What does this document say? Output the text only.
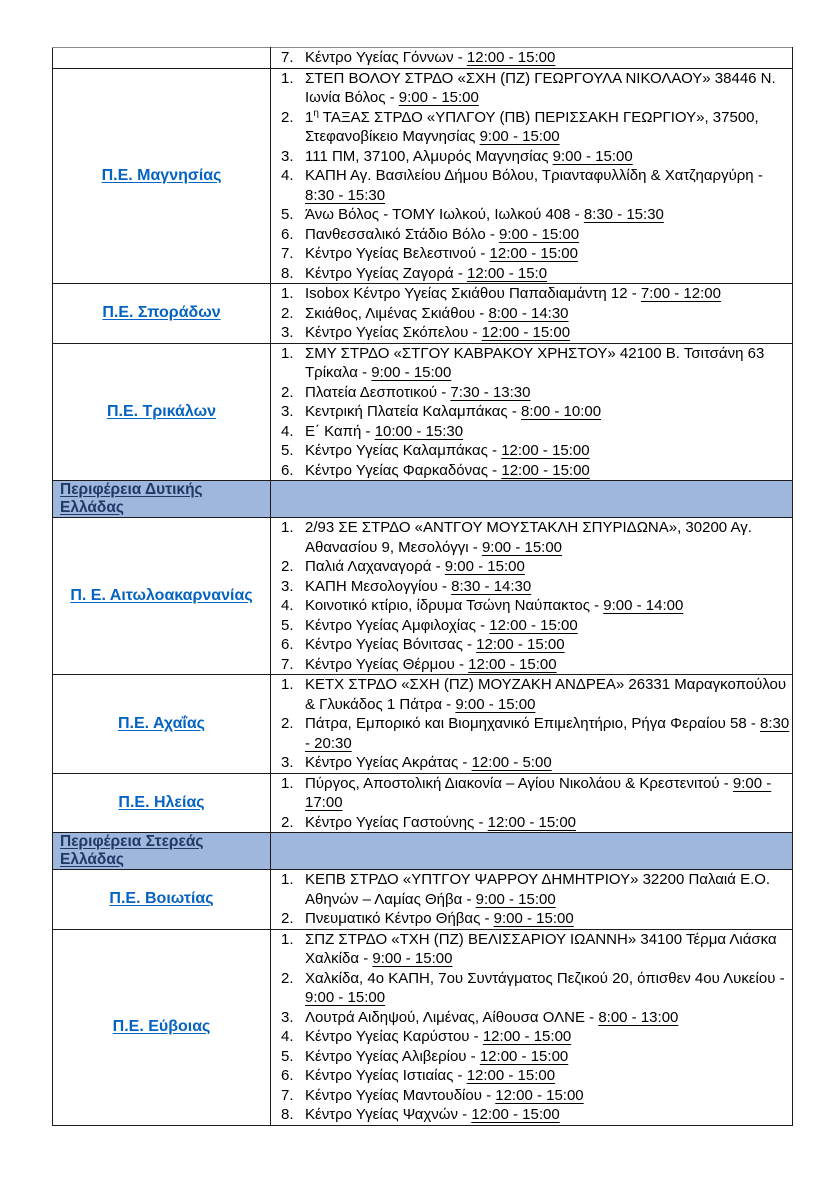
7. Κέντρο Υγείας Γόννων - 12:00 - 15:00

Π.Ε. Μαγνησίας	
1. ΣΤΕΠ ΒΟΛΟΥ ΣΤΡΔΟ «ΣΧΗ (ΠΖ) ΓΕΩΡΓΟΥΛΑ ΝΙΚΟΛΑΟΥ» 38446 Ν. Ιωνία Βόλος - 9:00 - 15:00
2. $1^\eta$ ΤΑΞΑΣ ΣΤΡΔΟ «ΥΠΛΓΟΥ (ΠΒ) ΠΕΡΙΣΣΑΚΗ ΓΕΩΡΓΙΟΥ», 37500, Στεφανοβίκειο Μαγνησίας 9:00 - 15:00
3. 111 ΠΜ, 37100, Αλμυρός Μαγνησίας 9:00 - 15:00
4. ΚΑΠΗ Αγ. Βασιλείου Δήμου Βόλου, Τριανταφυλλίδη & Χατζηαργύρη - 8:30 - 15:30
5. Άνω Βόλος - ΤΟΜΥ Ιωλκού, Ιωλκού 408 - 8:30 - 15:30
6. Πανθεσσαλικό Στάδιο Βόλο - 9:00 - 15:00
7. Κέντρο Υγείας Βελεστινού - 12:00 - 15:00
8. Κέντρο Υγείας Ζαγορά - 12:00 - 15:0

Π.Ε. Σποράδων	
1. Isobox Κέντρο Υγείας Σκιάθου Παπαδιαμάντη 12 - 7:00 - 12:00
2. Σκιάθος, Λιμένας Σκιάθου - 8:00 - 14:30
3. Κέντρο Υγείας Σκόπελου - 12:00 - 15:00

Π.Ε. Τρικάλων	
1. ΣΜΥ ΣΤΡΔΟ «ΣΤΓΟΥ ΚΑΒΡΑΚΟΥ ΧΡΗΣΤΟΥ» 42100 Β. Τσιτσάνη 63 Τρίκαλα - 9:00 - 15:00
2. Πλατεία Δεσποτικού - 7:30 - 13:30
3. Κεντρική Πλατεία Καλαμπάκας - 8:00 - 10:00
4. Ε΄ Καπή - 10:00 - 15:30
5. Κέντρο Υγείας Καλαμπάκας - 12:00 - 15:00
6. Κέντρο Υγείας Φαρκαδόνας - 12:00 - 15:00

Περιφέρεια Δυτικής Ελλάδας	
Π. Ε. Αιτωλοακαρνανίας	
1. 2/93 ΣΕ ΣΤΡΔΟ «ΑΝΤΓΟΥ ΜΟΥΣΤΑΚΛΗ ΣΠΥΡΙΔΩΝΑ», 30200 Αγ. Αθανασίου 9, Μεσολόγγι - 9:00 - 15:00
2. Παλιά Λαχαναγορά - 9:00 - 15:00
3. ΚΑΠΗ Μεσολογγίου - 8:30 - 14:30
4. Κοινοτικό κτίριο, ίδρυμα Τσώνη Ναύπακτος - 9:00 - 14:00
5. Κέντρο Υγείας Αμφιλοχίας - 12:00 - 15:00
6. Κέντρο Υγείας Βόνιτσας - 12:00 - 15:00
7. Κέντρο Υγείας Θέρμου - 12:00 - 15:00

Π.Ε. Αχαΐας	
1. ΚΕΤΧ ΣΤΡΔΟ «ΣΧΗ (ΠΖ) ΜΟΥΖΑΚΗ ΑΝΔΡΕΑ» 26331 Μαραγκοπούλου & Γλυκάδος 1 Πάτρα - 9:00 - 15:00
2. Πάτρα, Εμπορικό και Βιομηχανικό Επιμελητήριο, Ρήγα Φεραίου 58 - 8:30 - 20:30
3. Κέντρο Υγείας Ακράτας - 12:00 - 5:00

Π.Ε. Ηλείας	
1. Πύργος, Αποστολική Διακονία – Αγίου Νικολάου & Κρεστενιτού - 9:00 - 17:00
2. Κέντρο Υγείας Γαστούνης - 12:00 - 15:00

Περιφέρεια Στερεάς Ελλάδας	
Π.Ε. Βοιωτίας	
1. ΚΕΠΒ ΣΤΡΔΟ «ΥΠΤΓΟΥ ΨΑΡΡΟΥ ΔΗΜΗΤΡΙΟΥ» 32200 Παλαιά Ε.Ο. Αθηνών – Λαμίας Θήβα - 9:00 - 15:00
2. Πνευματικό Κέντρο Θήβας - 9:00 - 15:00

Π.Ε. Εύβοιας	
1. ΣΠΖ ΣΤΡΔΟ «ΤΧΗ (ΠΖ) ΒΕΛΙΣΣΑΡΙΟΥ ΙΩΑΝΝΗ» 34100 Τέρμα Λιάσκα Χαλκίδα - 9:00 - 15:00
2. Χαλκίδα, 4ο ΚΑΠΗ, 7ου Συντάγματος Πεζικού 20, όπισθεν 4ου Λυκείου - 9:00 - 15:00
3. Λουτρά Αιδηψού, Λιμένας, Αίθουσα ΟΛΝΕ - 8:00 - 13:00
4. Κέντρο Υγείας Καρύστου - 12:00 - 15:00
5. Κέντρο Υγείας Αλιβερίου - 12:00 - 15:00
6. Κέντρο Υγείας Ιστιαίας - 12:00 - 15:00
7. Κέντρο Υγείας Μαντουδίου - 12:00 - 15:00
8. Κέντρο Υγείας Ψαχνών - 12:00 - 15:00
